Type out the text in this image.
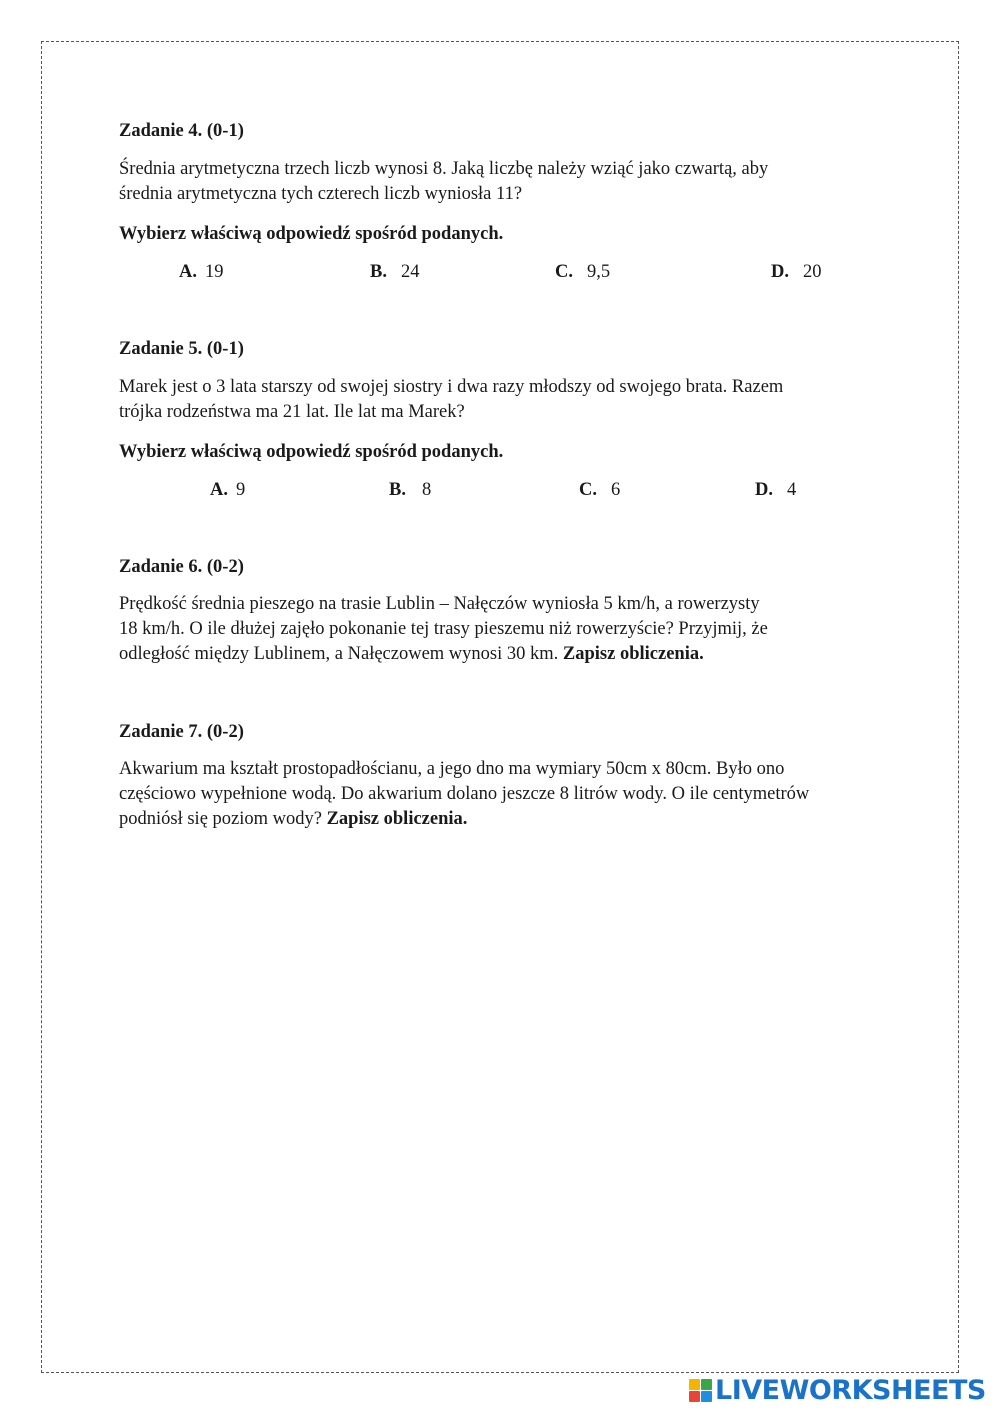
Zadanie 4. (0-1)

Średnia arytmetyczna trzech liczb wynosi 8. Jaką liczbę należy wziąć jako czwartą, aby
średnia arytmetyczna tych czterech liczb wyniosła 11?

Wybierz właściwą odpowiedź spośród podanych.

A. 19	B. 24	C. 9,5	D. 20

Zadanie 5. (0-1)

Marek jest o 3 lata starszy od swojej siostry i dwa razy młodszy od swojego brata. Razem
trójka rodzeństwa ma 21 lat. Ile lat ma Marek?

Wybierz właściwą odpowiedź spośród podanych.

A. 9	B. 8	C. 6	D. 4

Zadanie 6. (0-2)

Prędkość średnia pieszego na trasie Lublin – Nałęczów wyniosła 5 km/h, a rowerzysty
18 km/h. O ile dłużej zajęło pokonanie tej trasy pieszemu niż rowerzyście? Przyjmij, że
odległość między Lublinem, a Nałęczowem wynosi 30 km. Zapisz obliczenia.

Zadanie 7. (0-2)

Akwarium ma kształt prostopadłościanu, a jego dno ma wymiary 50cm x 80cm. Było ono
częściowo wypełnione wodą. Do akwarium dolano jeszcze 8 litrów wody. O ile centymetrów
podniósł się poziom wody? Zapisz obliczenia.

LIVEWORKSHEETS
